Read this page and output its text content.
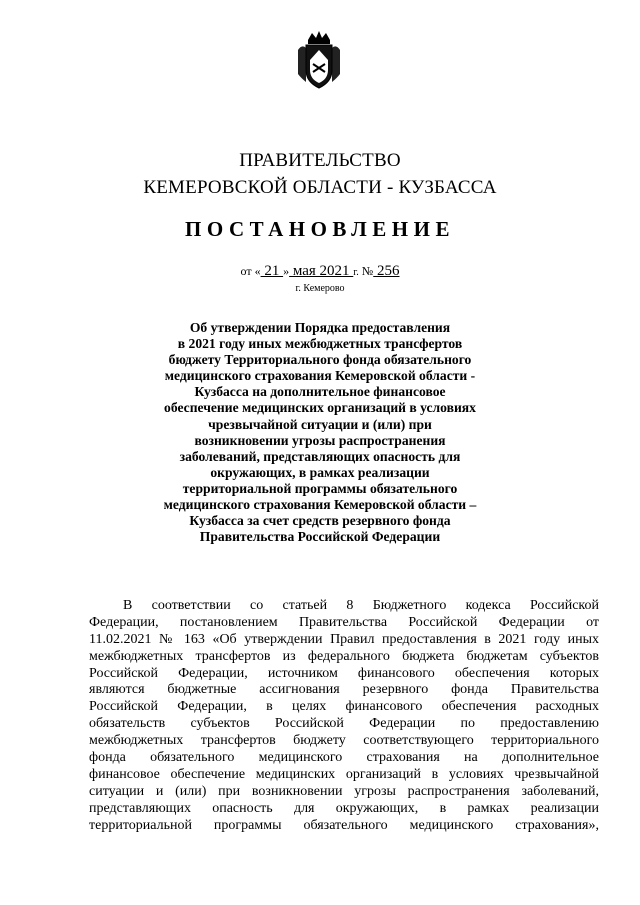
ПРАВИТЕЛЬСТВО
КЕМЕРОВСКОЙ ОБЛАСТИ - КУЗБАССА
ПОСТАНОВЛЕНИЕ
от « 21 » мая 2021 г. № 256
г. Кемерово
Об утверждении Порядка предоставления
в 2021 году иных межбюджетных трансфертов
бюджету Территориального фонда обязательного
медицинского страхования Кемеровской области -
Кузбасса на дополнительное финансовое
обеспечение медицинских организаций в условиях
чрезвычайной ситуации и (или) при
возникновении угрозы распространения
заболеваний, представляющих опасность для
окружающих, в рамках реализации
территориальной программы обязательного
медицинского страхования Кемеровской области –
Кузбасса за счет средств резервного фонда
Правительства Российской Федерации
В соответствии со статьей 8 Бюджетного кодекса Российской
Федерации, постановлением Правительства Российской Федерации от
11.02.2021 № 163 «Об утверждении Правил предоставления в 2021 году иных
межбюджетных трансфертов из федерального бюджета бюджетам субъектов
Российской Федерации, источником финансового обеспечения которых
являются бюджетные ассигнования резервного фонда Правительства
Российской Федерации, в целях финансового обеспечения расходных
обязательств субъектов Российской Федерации по предоставлению
межбюджетных трансфертов бюджету соответствующего территориального
фонда обязательного медицинского страхования на дополнительное
финансовое обеспечение медицинских организаций в условиях чрезвычайной
ситуации и (или) при возникновении угрозы распространения заболеваний,
представляющих опасность для окружающих, в рамках реализации
территориальной программы обязательного медицинского страхования»,
